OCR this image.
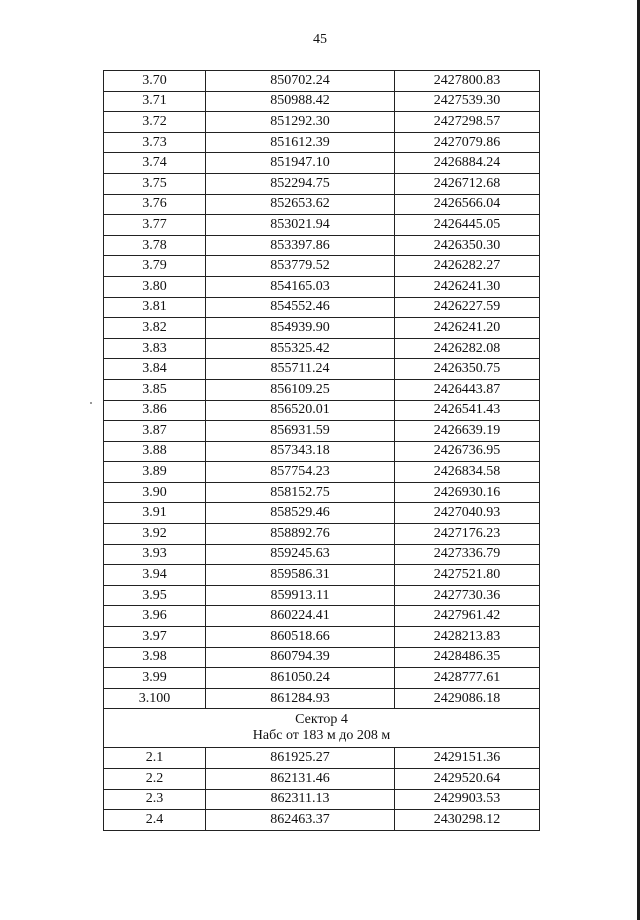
45
3.70	850702.24	2427800.83
3.71	850988.42	2427539.30
3.72	851292.30	2427298.57
3.73	851612.39	2427079.86
3.74	851947.10	2426884.24
3.75	852294.75	2426712.68
3.76	852653.62	2426566.04
3.77	853021.94	2426445.05
3.78	853397.86	2426350.30
3.79	853779.52	2426282.27
3.80	854165.03	2426241.30
3.81	854552.46	2426227.59
3.82	854939.90	2426241.20
3.83	855325.42	2426282.08
3.84	855711.24	2426350.75
3.85	856109.25	2426443.87
3.86	856520.01	2426541.43
3.87	856931.59	2426639.19
3.88	857343.18	2426736.95
3.89	857754.23	2426834.58
3.90	858152.75	2426930.16
3.91	858529.46	2427040.93
3.92	858892.76	2427176.23
3.93	859245.63	2427336.79
3.94	859586.31	2427521.80
3.95	859913.11	2427730.36
3.96	860224.41	2427961.42
3.97	860518.66	2428213.83
3.98	860794.39	2428486.35
3.99	861050.24	2428777.61
3.100	861284.93	2429086.18

Сектор 4
Набс от 183 м до 208 м		

2.1	861925.27	2429151.36
2.2	862131.46	2429520.64
2.3	862311.13	2429903.53
2.4	862463.37	2430298.12
